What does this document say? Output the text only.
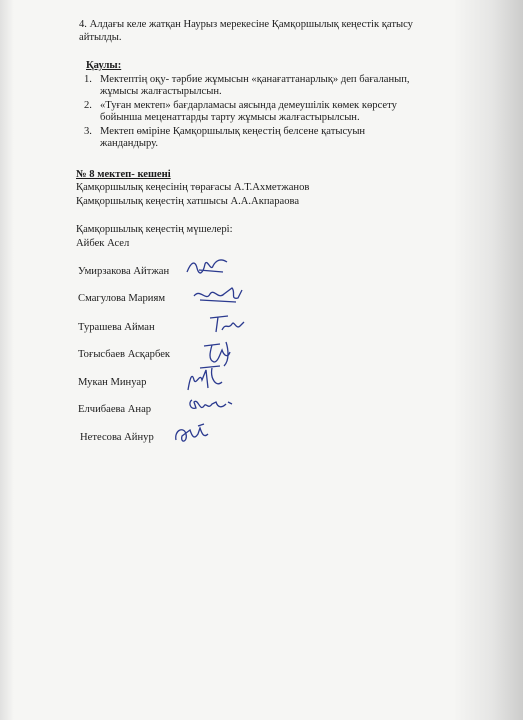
4. Алдағы келе жатқан Наурыз мерекесіне Қамқоршылық кеңестік қатысу
айтылды.
Қаулы:
1. Мектептің оқу- тәрбие жұмысын «қанағаттанарлық» деп бағаланып,
жұмысы жалғастырылсын.
2. «Туған мектеп» бағдарламасы аясында демеушілік көмек көрсету
бойынша меценаттарды тарту жұмысы жалғастырылсын.
3. Мектеп өміріне Қамқоршылық кеңестің белсене қатысуын
жандандыру.
№ 8 мектеп- кешені
Қамқоршылық кеңесінің төрағасы А.Т.Ахметжанов
Қамқоршылық кеңестің хатшысы А.А.Акпараова
Қамқоршылық кеңестің мүшелері:
Айбек Асел
Умирзакова Айтжан
Смагулова Мариям
Турашева Айман
Тоғысбаев Асқарбек
Мукан Минуар
Елчибаева Анар
Нетесова Айнур
